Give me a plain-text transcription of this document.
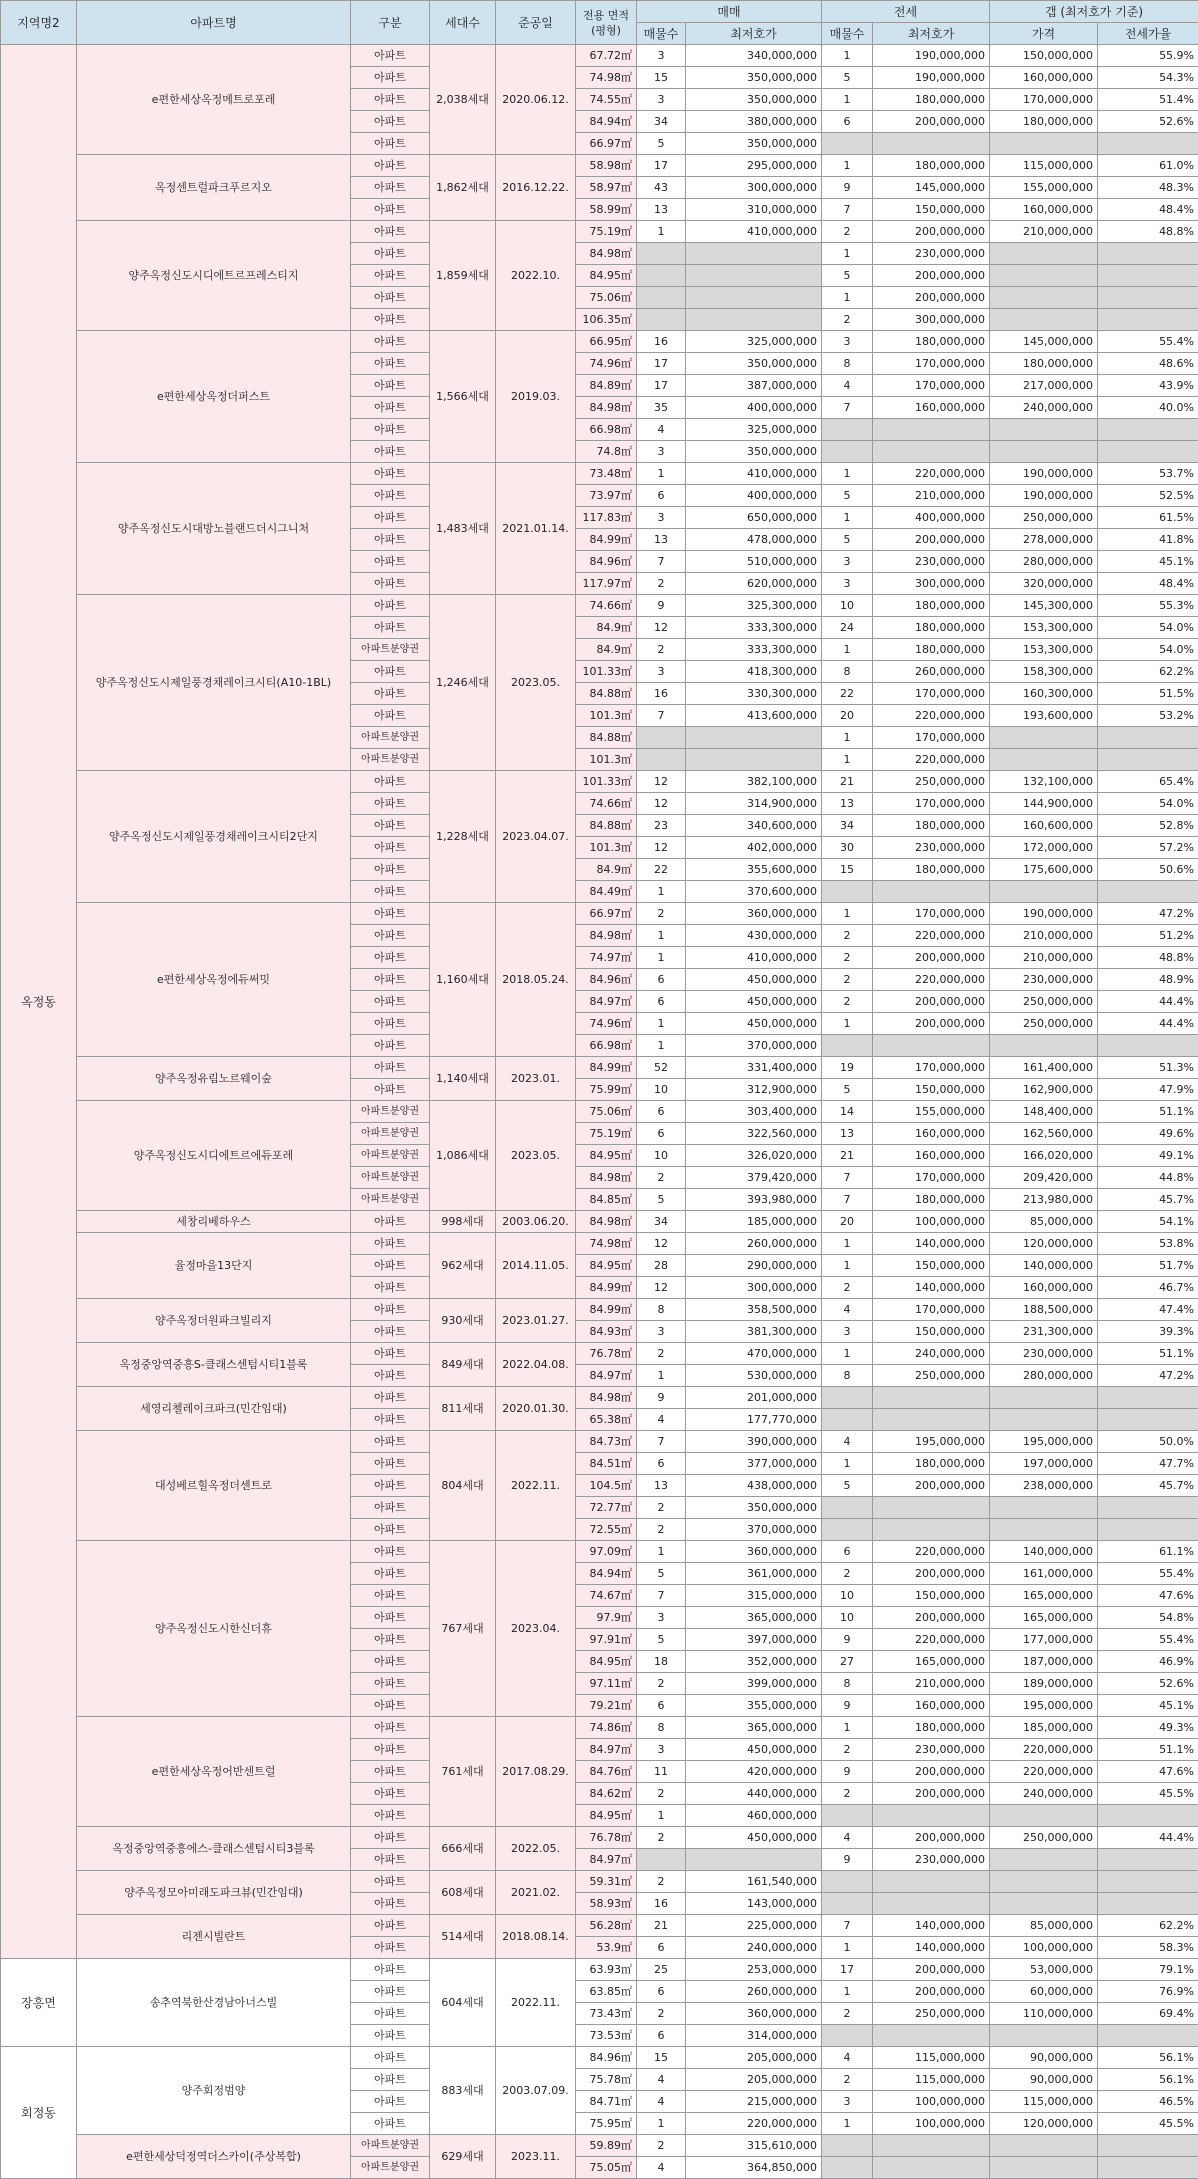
지역명2	아파트명	구분	세대수	준공일	전용 면적
(평형)	매매		전세		갭 (최저호가 기준)	
						매물수	최저호가	매물수	최저호가	가격	전세가율
옥정동	e편한세상옥정메트로포레	아파트	2,038세대	2020.06.12.	67.72㎡	3	340,000,000	1	190,000,000	150,000,000	55.9%
		아파트			74.98㎡	15	350,000,000	5	190,000,000	160,000,000	54.3%
		아파트			74.55㎡	3	350,000,000	1	180,000,000	170,000,000	51.4%
		아파트			84.94㎡	34	380,000,000	6	200,000,000	180,000,000	52.6%
		아파트			66.97㎡	5	350,000,000				
	옥정센트럴파크푸르지오	아파트	1,862세대	2016.12.22.	58.98㎡	17	295,000,000	1	180,000,000	115,000,000	61.0%
		아파트			58.97㎡	43	300,000,000	9	145,000,000	155,000,000	48.3%
		아파트			58.99㎡	13	310,000,000	7	150,000,000	160,000,000	48.4%
	양주옥정신도시디에트르프레스티지	아파트	1,859세대	2022.10.	75.19㎡	1	410,000,000	2	200,000,000	210,000,000	48.8%
		아파트			84.98㎡			1	230,000,000		
		아파트			84.95㎡			5	200,000,000		
		아파트			75.06㎡			1	200,000,000		
		아파트			106.35㎡			2	300,000,000		
	e편한세상옥정더퍼스트	아파트	1,566세대	2019.03.	66.95㎡	16	325,000,000	3	180,000,000	145,000,000	55.4%
		아파트			74.96㎡	17	350,000,000	8	170,000,000	180,000,000	48.6%
		아파트			84.89㎡	17	387,000,000	4	170,000,000	217,000,000	43.9%
		아파트			84.98㎡	35	400,000,000	7	160,000,000	240,000,000	40.0%
		아파트			66.98㎡	4	325,000,000				
		아파트			74.8㎡	3	350,000,000				
	양주옥정신도시대방노블랜드더시그니처	아파트	1,483세대	2021.01.14.	73.48㎡	1	410,000,000	1	220,000,000	190,000,000	53.7%
		아파트			73.97㎡	6	400,000,000	5	210,000,000	190,000,000	52.5%
		아파트			117.83㎡	3	650,000,000	1	400,000,000	250,000,000	61.5%
		아파트			84.99㎡	13	478,000,000	5	200,000,000	278,000,000	41.8%
		아파트			84.96㎡	7	510,000,000	3	230,000,000	280,000,000	45.1%
		아파트			117.97㎡	2	620,000,000	3	300,000,000	320,000,000	48.4%
	양주옥정신도시제일풍경채레이크시티(A10-1BL)	아파트	1,246세대	2023.05.	74.66㎡	9	325,300,000	10	180,000,000	145,300,000	55.3%
		아파트			84.9㎡	12	333,300,000	24	180,000,000	153,300,000	54.0%
		아파트분양권			84.9㎡	2	333,300,000	1	180,000,000	153,300,000	54.0%
		아파트			101.33㎡	3	418,300,000	8	260,000,000	158,300,000	62.2%
		아파트			84.88㎡	16	330,300,000	22	170,000,000	160,300,000	51.5%
		아파트			101.3㎡	7	413,600,000	20	220,000,000	193,600,000	53.2%
		아파트분양권			84.88㎡			1	170,000,000		
		아파트분양권			101.3㎡			1	220,000,000		
	양주옥정신도시제일풍경채레이크시티2단지	아파트	1,228세대	2023.04.07.	101.33㎡	12	382,100,000	21	250,000,000	132,100,000	65.4%
		아파트			74.66㎡	12	314,900,000	13	170,000,000	144,900,000	54.0%
		아파트			84.88㎡	23	340,600,000	34	180,000,000	160,600,000	52.8%
		아파트			101.3㎡	12	402,000,000	30	230,000,000	172,000,000	57.2%
		아파트			84.9㎡	22	355,600,000	15	180,000,000	175,600,000	50.6%
		아파트			84.49㎡	1	370,600,000				
	e편한세상옥정에듀써밋	아파트	1,160세대	2018.05.24.	66.97㎡	2	360,000,000	1	170,000,000	190,000,000	47.2%
		아파트			84.98㎡	1	430,000,000	2	220,000,000	210,000,000	51.2%
		아파트			74.97㎡	1	410,000,000	2	200,000,000	210,000,000	48.8%
		아파트			84.96㎡	6	450,000,000	2	220,000,000	230,000,000	48.9%
		아파트			84.97㎡	6	450,000,000	2	200,000,000	250,000,000	44.4%
		아파트			74.96㎡	1	450,000,000	1	200,000,000	250,000,000	44.4%
		아파트			66.98㎡	1	370,000,000				
	양주옥정유림노르웨이숲	아파트	1,140세대	2023.01.	84.99㎡	52	331,400,000	19	170,000,000	161,400,000	51.3%
		아파트			75.99㎡	10	312,900,000	5	150,000,000	162,900,000	47.9%
	양주옥정신도시디에트르에듀포레	아파트분양권	1,086세대	2023.05.	75.06㎡	6	303,400,000	14	155,000,000	148,400,000	51.1%
		아파트분양권			75.19㎡	6	322,560,000	13	160,000,000	162,560,000	49.6%
		아파트분양권			84.95㎡	10	326,020,000	21	160,000,000	166,020,000	49.1%
		아파트분양권			84.98㎡	2	379,420,000	7	170,000,000	209,420,000	44.8%
		아파트분양권			84.85㎡	5	393,980,000	7	180,000,000	213,980,000	45.7%
	세창리베하우스	아파트	998세대	2003.06.20.	84.98㎡	34	185,000,000	20	100,000,000	85,000,000	54.1%
	율정마을13단지	아파트	962세대	2014.11.05.	74.98㎡	12	260,000,000	1	140,000,000	120,000,000	53.8%
		아파트			84.95㎡	28	290,000,000	1	150,000,000	140,000,000	51.7%
		아파트			84.99㎡	12	300,000,000	2	140,000,000	160,000,000	46.7%
	양주옥정더원파크빌리지	아파트	930세대	2023.01.27.	84.99㎡	8	358,500,000	4	170,000,000	188,500,000	47.4%
		아파트			84.93㎡	3	381,300,000	3	150,000,000	231,300,000	39.3%
	옥정중앙역중흥S-클래스센텀시티1블록	아파트	849세대	2022.04.08.	76.78㎡	2	470,000,000	1	240,000,000	230,000,000	51.1%
		아파트			84.97㎡	1	530,000,000	8	250,000,000	280,000,000	47.2%
	세영리첼레이크파크(민간임대)	아파트	811세대	2020.01.30.	84.98㎡	9	201,000,000				
		아파트			65.38㎡	4	177,770,000				
	대성베르힐옥정더센트로	아파트	804세대	2022.11.	84.73㎡	7	390,000,000	4	195,000,000	195,000,000	50.0%
		아파트			84.51㎡	6	377,000,000	1	180,000,000	197,000,000	47.7%
		아파트			104.5㎡	13	438,000,000	5	200,000,000	238,000,000	45.7%
		아파트			72.77㎡	2	350,000,000				
		아파트			72.55㎡	2	370,000,000				
	양주옥정신도시한신더휴	아파트	767세대	2023.04.	97.09㎡	1	360,000,000	6	220,000,000	140,000,000	61.1%
		아파트			84.94㎡	5	361,000,000	2	200,000,000	161,000,000	55.4%
		아파트			74.67㎡	7	315,000,000	10	150,000,000	165,000,000	47.6%
		아파트			97.9㎡	3	365,000,000	10	200,000,000	165,000,000	54.8%
		아파트			97.91㎡	5	397,000,000	9	220,000,000	177,000,000	55.4%
		아파트			84.95㎡	18	352,000,000	27	165,000,000	187,000,000	46.9%
		아파트			97.11㎡	2	399,000,000	8	210,000,000	189,000,000	52.6%
		아파트			79.21㎡	6	355,000,000	9	160,000,000	195,000,000	45.1%
	e편한세상옥정어반센트럴	아파트	761세대	2017.08.29.	74.86㎡	8	365,000,000	1	180,000,000	185,000,000	49.3%
		아파트			84.97㎡	3	450,000,000	2	230,000,000	220,000,000	51.1%
		아파트			84.76㎡	11	420,000,000	9	200,000,000	220,000,000	47.6%
		아파트			84.62㎡	2	440,000,000	2	200,000,000	240,000,000	45.5%
		아파트			84.95㎡	1	460,000,000				
	옥정중앙역중흥에스-클래스센텀시티3블록	아파트	666세대	2022.05.	76.78㎡	2	450,000,000	4	200,000,000	250,000,000	44.4%
		아파트			84.97㎡			9	230,000,000		
	양주옥정모아미래도파크뷰(민간임대)	아파트	608세대	2021.02.	59.31㎡	2	161,540,000				
		아파트			58.93㎡	16	143,000,000				
	리젠시빌란트	아파트	514세대	2018.08.14.	56.28㎡	21	225,000,000	7	140,000,000	85,000,000	62.2%
		아파트			53.9㎡	6	240,000,000	1	140,000,000	100,000,000	58.3%
장흥면	송추역북한산경남아너스빌	아파트	604세대	2022.11.	63.93㎡	25	253,000,000	17	200,000,000	53,000,000	79.1%
		아파트			63.85㎡	6	260,000,000	1	200,000,000	60,000,000	76.9%
		아파트			73.43㎡	2	360,000,000	2	250,000,000	110,000,000	69.4%
		아파트			73.53㎡	6	314,000,000				
회정동	양주회정범양	아파트	883세대	2003.07.09.	84.96㎡	15	205,000,000	4	115,000,000	90,000,000	56.1%
		아파트			75.78㎡	4	205,000,000	2	115,000,000	90,000,000	56.1%
		아파트			84.71㎡	4	215,000,000	3	100,000,000	115,000,000	46.5%
		아파트			75.95㎡	1	220,000,000	1	100,000,000	120,000,000	45.5%
	e편한세상덕정역더스카이(주상복합)	아파트분양권	629세대	2023.11.	59.89㎡	2	315,610,000				
		아파트분양권			75.05㎡	4	364,850,000				
